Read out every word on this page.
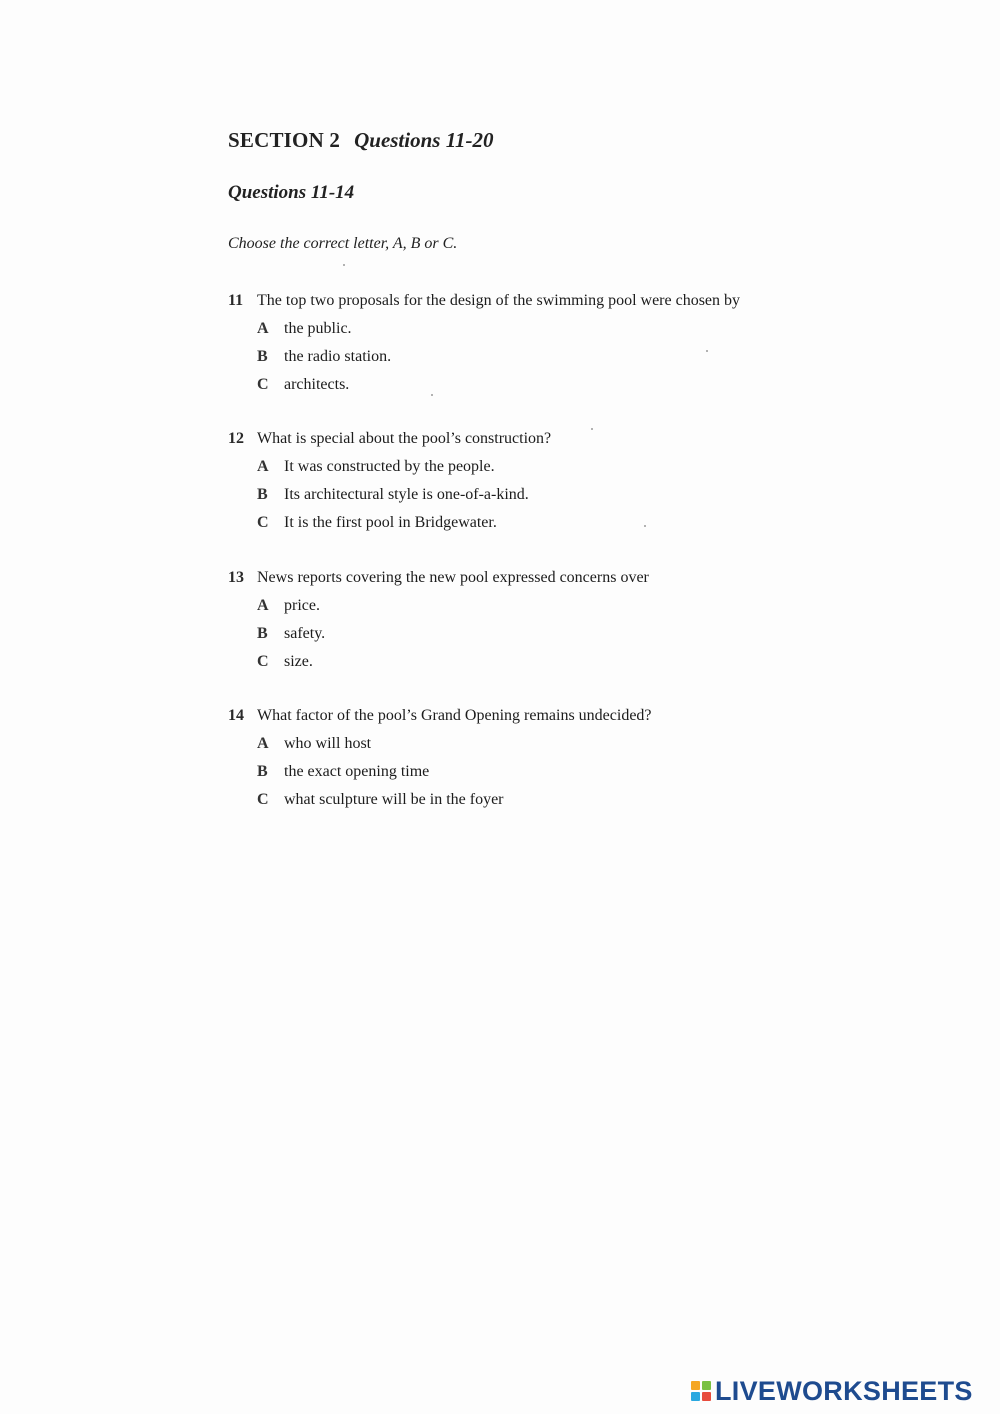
SECTION 2 Questions 11-20
Questions 11-14
Choose the correct letter, A, B or C.
11 The top two proposals for the design of the swimming pool were chosen by
A the public.
B	the radio station.
C architects.
12 What is special about the pool’s construction?
A It was constructed by the people.
B	Its architectural style is one-of-a-kind.
C It is the first pool in Bridgewater.
13 News reports covering the new pool expressed concerns over
A price.
B	safety.
C size.
14 What factor of the pool’s Grand Opening remains undecided?
A who will host
B	the exact opening time
C what sculpture will be in the foyer
LIVEWORKSHEETS
